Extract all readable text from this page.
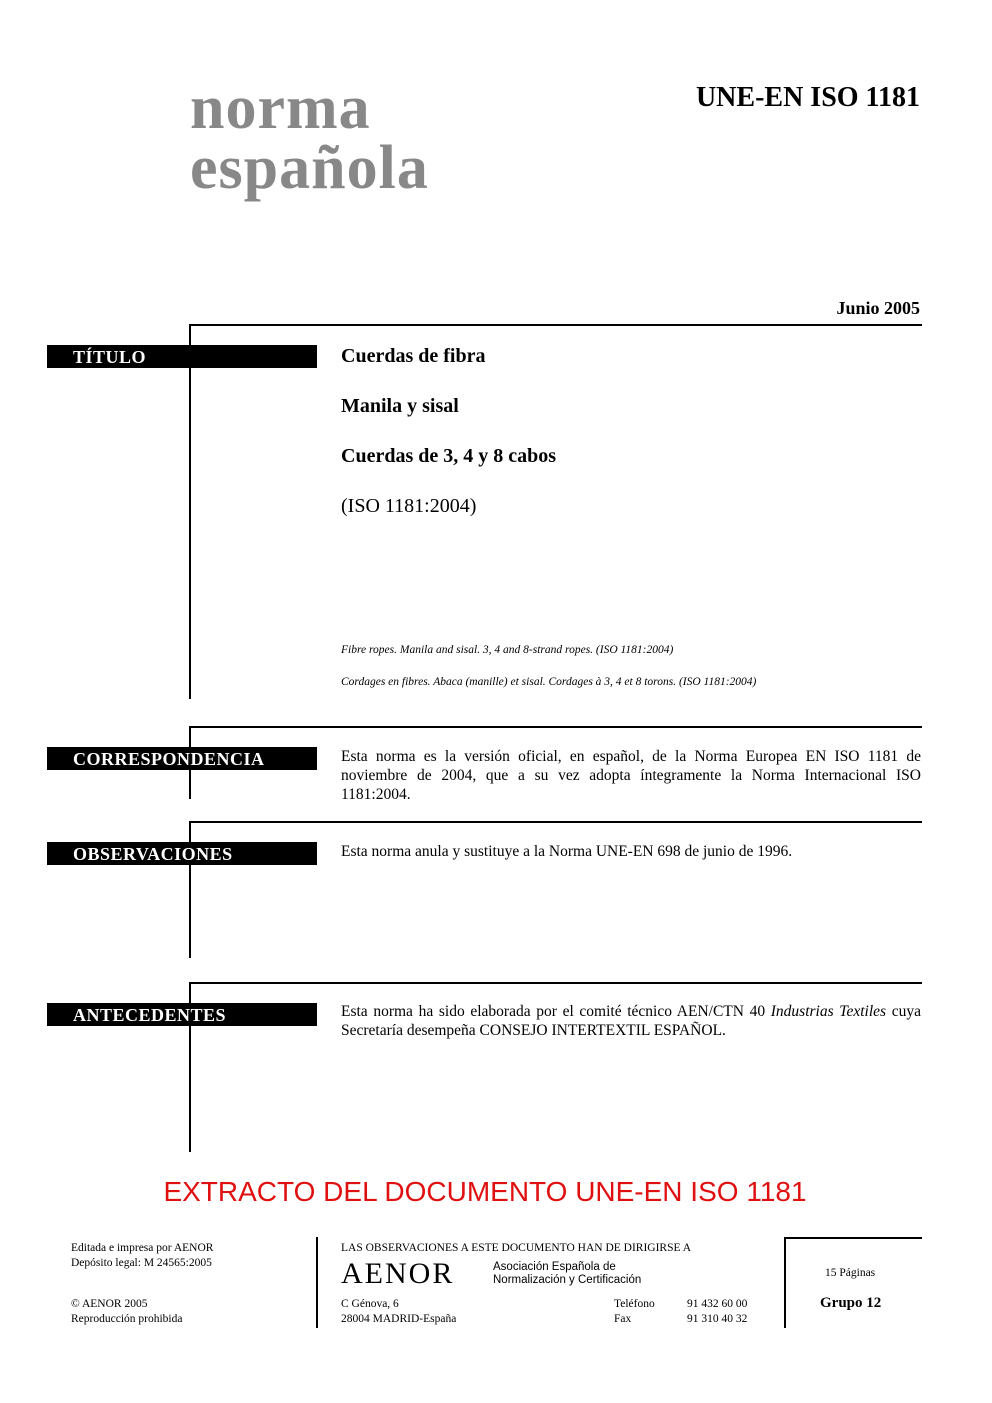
norma
española
UNE-EN ISO 1181
Junio 2005
TÍTULO	Cuerdas de fibra
Manila y sisal
Cuerdas de 3, 4 y 8 cabos
(ISO 1181:2004)
Fibre ropes. Manila and sisal. 3, 4 and 8-strand ropes. (ISO 1181:2004)
Cordages en fibres. Abaca (manille) et sisal. Cordages à 3, 4 et 8 torons. (ISO 1181:2004)
CORRESPONDENCIA	Esta norma es la versión oficial, en español, de la Norma Europea EN ISO 1181 de noviembre de 2004, que a su vez adopta íntegramente la Norma Internacional ISO 1181:2004.
OBSERVACIONES	Esta norma anula y sustituye a la Norma UNE-EN 698 de junio de 1996.
ANTECEDENTES	Esta norma ha sido elaborada por el comité técnico AEN/CTN 40 Industrias Textiles cuya Secretaría desempeña CONSEJO INTERTEXTIL ESPAÑOL.
EXTRACTO DEL DOCUMENTO UNE-EN ISO 1181
Editada e impresa por AENOR
Depósito legal: M 24565:2005
© AENOR 2005
Reproducción prohibida
LAS OBSERVACIONES A ESTE DOCUMENTO HAN DE DIRIGIRSE A
AENOR	Asociación Española de
Normalización y Certificación
C Génova, 6
28004 MADRID-España
Teléfono	91 432 60 00
Fax	91 310 40 32
15 Páginas
Grupo 12
